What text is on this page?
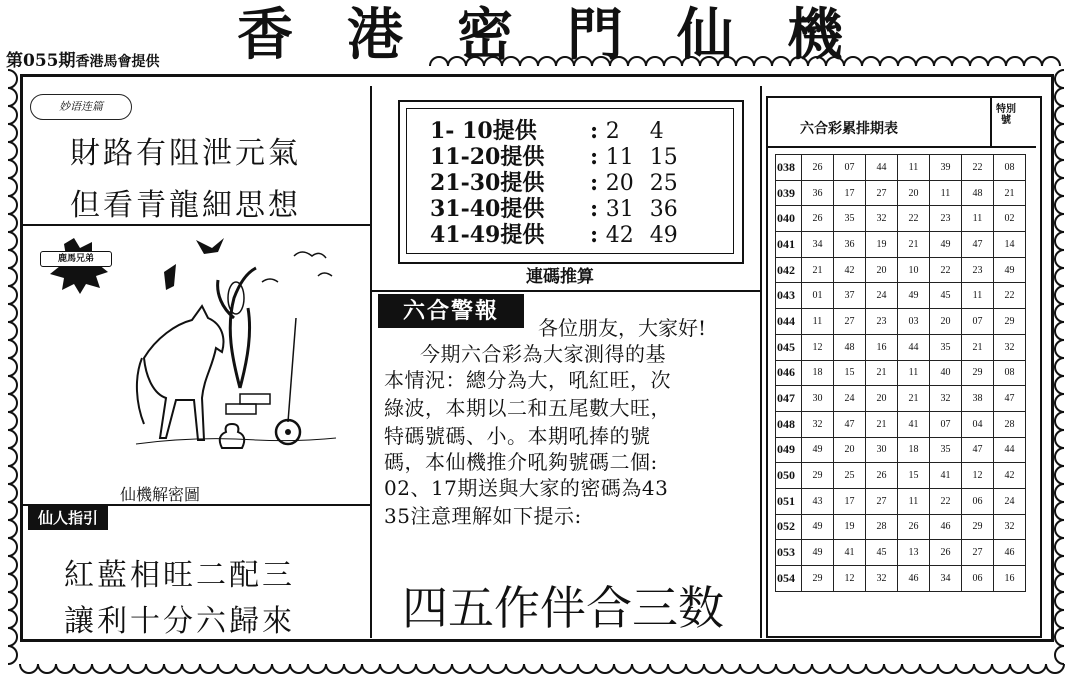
第055期香港馬會提供	香 港 密 門 仙 機
妙语连篇
財路有阻泄元氣
但看青龍細思想
鹿馬兄弟
仙機解密圖
仙人指引
紅藍相旺二配三
讓利十分六歸來
1- 10提供 : 2 4
11-20提供 : 11 15
21-30提供 : 20 25
31-40提供 : 31 36
41-49提供 : 42 49
連碼推算
六合警報
各位朋友，大家好!
今期六合彩為大家測得的基
本情況：總分為大，吼紅旺，次
綠波，本期以二和五尾數大旺，
特碼號碼、小。本期吼捧的號
碼，本仙機推介吼夠號碼二個:
02、17期送與大家的密碼為43
35注意理解如下提示:
四五作伴合三数
六合彩累排期表
特別號
038	26	07	44	11	39	22	08
039	36	17	27	20	11	48	21
040	26	35	32	22	23	11	02
041	34	36	19	21	49	47	14
042	21	42	20	10	22	23	49
043	01	37	24	49	45	11	22
044	11	27	23	03	20	07	29
045	12	48	16	44	35	21	32
046	18	15	21	11	40	29	08
047	30	24	20	21	32	38	47
048	32	47	21	41	07	04	28
049	49	20	30	18	35	47	44
050	29	25	26	15	41	12	42
051	43	17	27	11	22	06	24
052	49	19	28	26	46	29	32
053	49	41	45	13	26	27	46
054	29	12	32	46	34	06	16
